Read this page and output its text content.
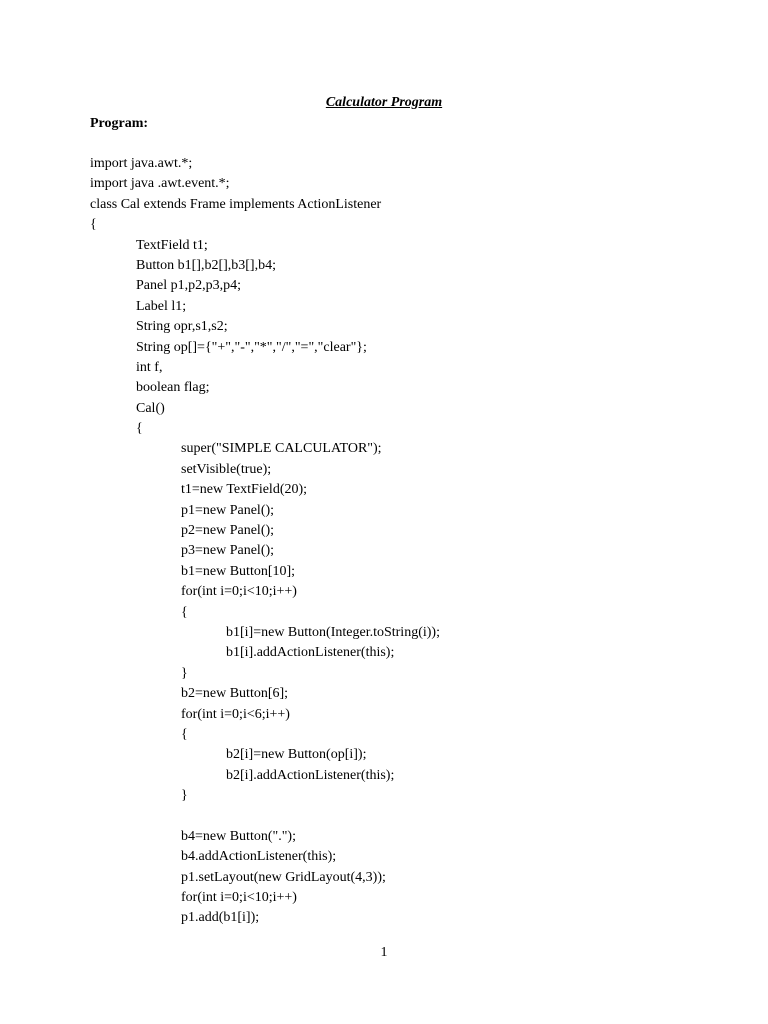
Calculator Program
Program:
import java.awt.*;
import java .awt.event.*;
class Cal extends Frame implements ActionListener
{
TextField t1;
Button b1[],b2[],b3[],b4;
Panel p1,p2,p3,p4;
Label l1;
String opr,s1,s2;
String op[]={"+","-","*","/","=","clear"};
int f,
boolean flag;
Cal()
{
super("SIMPLE CALCULATOR");
setVisible(true);
t1=new TextField(20);
p1=new Panel();
p2=new Panel();
p3=new Panel();
b1=new Button[10];
for(int i=0;i<10;i++)
{
b1[i]=new Button(Integer.toString(i));
b1[i].addActionListener(this);
}
b2=new Button[6];
for(int i=0;i<6;i++)
{
b2[i]=new Button(op[i]);
b2[i].addActionListener(this);
}
b4=new Button(".");
b4.addActionListener(this);
p1.setLayout(new GridLayout(4,3));
for(int i=0;i<10;i++)
p1.add(b1[i]);
1
